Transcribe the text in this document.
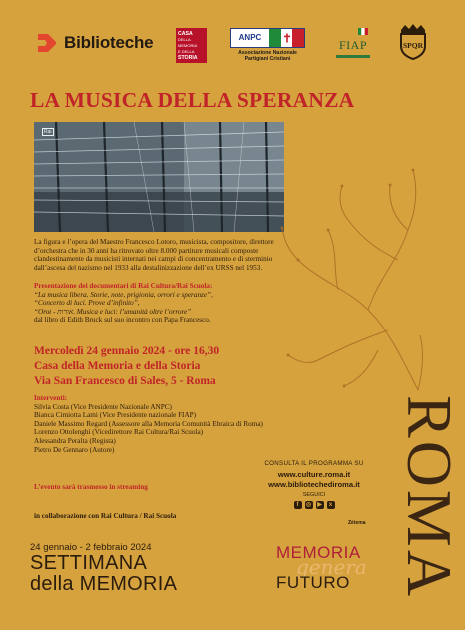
Biblioteche	CASA
DELLA MEMORIA
E DELLA
STORIA
ANPC
Associazione Nazionale
Partigiani Cristiani
FIAP	SPQR
LA MUSICA DELLA SPERANZA
Rai
La figura e l’opera del Maestro Francesco Lotoro, musicista, compositore, direttore d’orchestra che in 30 anni ha ritrovato oltre 8.000 partiture musicali composte clandestinamente da musicisti internati nei campi di concentramento e di sterminio dall’ascesa del nazismo nel 1933 alla destalinizzazione dell’ex URSS nel 1953.
Presentazione dei documentari di Rai Cultura/Rai Scuola:
“La musica libera. Storie, note, prigionia, orrori e speranze”,
“Concerto di luci. Prove d’infinito”,
“Orot - אורות. Musica e luci: l’umanità oltre l’orrore”
dal libro di Edith Bruck sul suo incontro con Papa Francesco.
Mercoledì 24 gennaio 2024 - ore 16,30
Casa della Memoria e della Storia
Via San Francesco di Sales, 5 - Roma
Interventi:
Silvia Costa (Vice Presidente Nazionale ANPC)
Bianca Cimiotta Lami (Vice Presidente nazionale FIAP)
Daniele Massimo Regard (Assessore alla Memoria Comunità Ebraica di Roma)
Lorenzo Ottolenghi (Vicedirettore Rai Cultura/Rai Scuola)
Alessandra Peralta (Regista)
Pietro De Gennaro (Autore)
L’evento sarà trasmesso in streaming
in collaborazione con Rai Cultura / Rai Scuola
24 gennaio - 2 febbraio 2024
SETTIMANA
della MEMORIA
CONSULTA IL PROGRAMMA SU
www.culture.roma.it
www.bibliotechediroma.it
SEGUICI
f	◎ ▶	x
Zètema
MEMORIA
genera
FUTURO ROMA
